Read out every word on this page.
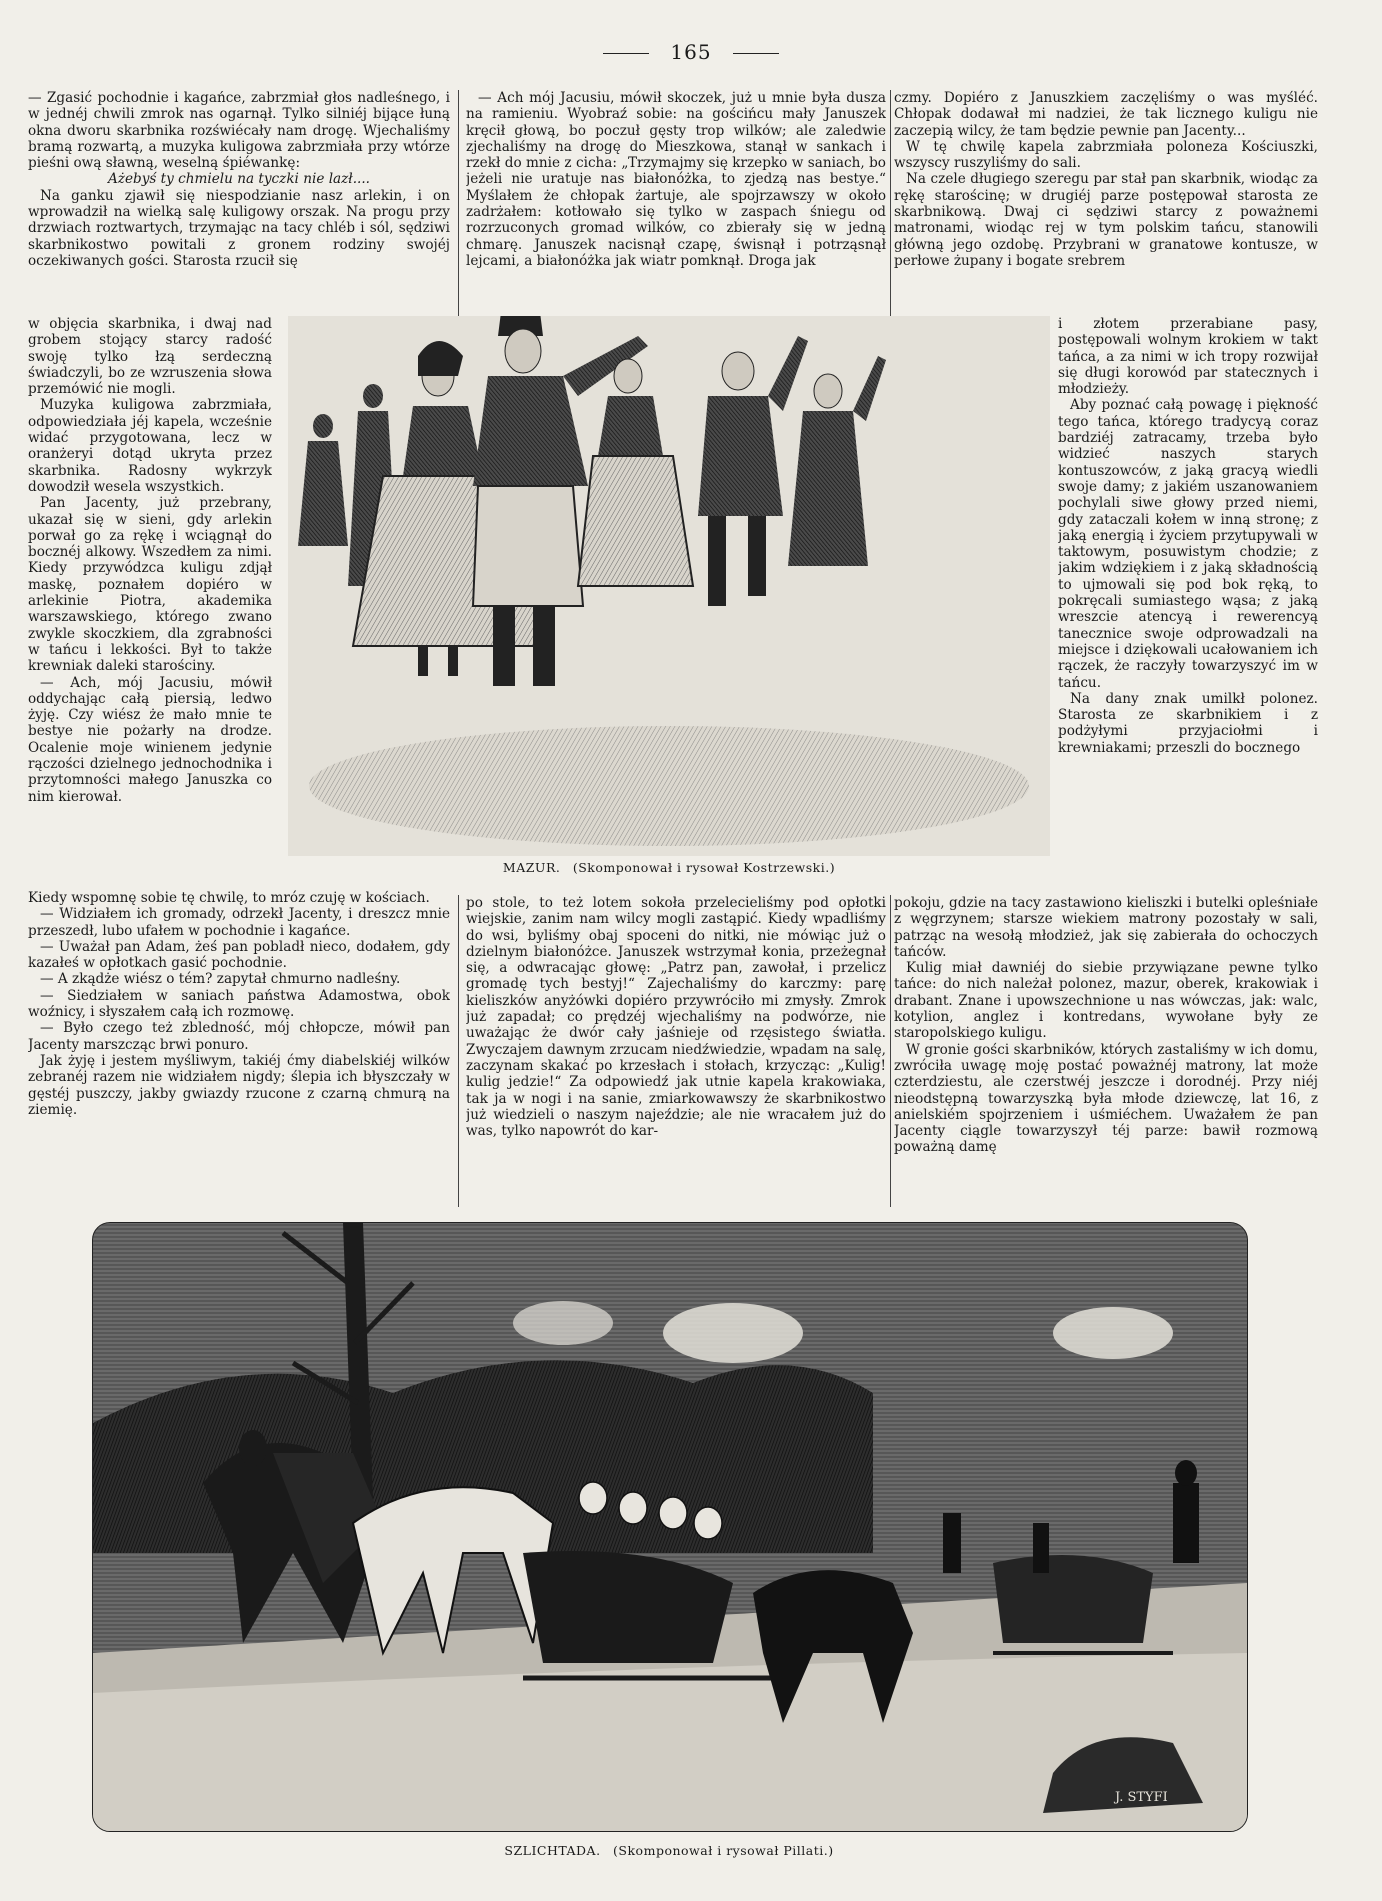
165

— Zgasić pochodnie i kagańce, zabrzmiał głos nadleśnego, i w jednéj chwili zmrok nas ogarnął. Tylko silniéj bijące łuną okna dworu skarbnika rozświécały nam drogę. Wjechaliśmy bramą rozwartą, a muzyka kuligowa zabrzmiała przy wtórze pieśni ową sławną, weselną śpiéwankę:

Ażebyś ty chmielu na tyczki nie lazł....

Na ganku zjawił się niespodzianie nasz arlekin, i on wprowadził na wielką salę kuligowy orszak. Na progu przy drzwiach roztwartych, trzymając na tacy chléb i sól, sędziwi skarbnikostwo powitali z gronem rodziny swojéj oczekiwanych gości. Starosta rzucił się

w objęcia skarbnika, i dwaj nad grobem stojący starcy radość swoję tylko łzą serdeczną świadczyli, bo ze wzruszenia słowa przemówić nie mogli.

Muzyka kuligowa zabrzmiała, odpowiedziała jéj kapela, wcześnie widać przygotowana, lecz w oranżeryi dotąd ukryta przez skarbnika. Radosny wykrzyk dowodził wesela wszystkich.

Pan Jacenty, już przebrany, ukazał się w sieni, gdy arlekin porwał go za rękę i wciągnął do bocznéj alkowy. Wszedłem za nimi. Kiedy przywódzca kuligu zdjął maskę, poznałem dopiéro w arlekinie Piotra, akademika warszawskiego, którego zwano zwykle skoczkiem, dla zgrabności w tańcu i lekkości. Był to także krewniak daleki starościny.

— Ach, mój Jacusiu, mówił oddychając całą piersią, ledwo żyję. Czy wiész że mało mnie te bestye nie pożarły na drodze. Ocalenie moje winienem jedynie rączości dzielnego jednochodnika i przytomności małego Januszka co nim kierował.

Kiedy wspomnę sobie tę chwilę, to mróz czuję w kościach.

— Widziałem ich gromady, odrzekł Jacenty, i dreszcz mnie przeszedł, lubo ufałem w pochodnie i kagańce.

— Uważał pan Adam, żeś pan pobladł nieco, dodałem, gdy kazałeś w opłotkach gasić pochodnie.

— A zkądże wiész o tém? zapytał chmurno nadleśny.

— Siedziałem w saniach państwa Adamostwa, obok woźnicy, i słyszałem całą ich rozmowę.

— Było czego też zbledność, mój chłopcze, mówił pan Jacenty marszcząc brwi ponuro.

Jak żyję i jestem myśliwym, takiéj ćmy diabelskiéj wilków zebranéj razem nie widziałem nigdy; ślepia ich błyszczały w gęstéj puszczy, jakby gwiazdy rzucone z czarną chmurą na ziemię.

— Ach mój Jacusiu, mówił skoczek, już u mnie była dusza na ramieniu. Wyobraź sobie: na gościńcu mały Januszek kręcił głową, bo poczuł gęsty trop wilków; ale zaledwie zjechaliśmy na drogę do Mieszkowa, stanął w sankach i rzekł do mnie z cicha: „Trzymajmy się krzepko w saniach, bo jeżeli nie uratuje nas białonóżka, to zjedzą nas bestye.“ Myślałem że chłopak żartuje, ale spojrzawszy w około zadrżałem: kotłowało się tylko w zaspach śniegu od rozrzuconych gromad wilków, co zbierały się w jedną chmarę. Januszek nacisnął czapę, świsnął i potrząsnął lejcami, a białonóżka jak wiatr pomknął. Droga jak

po stole, to też lotem sokoła przelecieliśmy pod opłotki wiejskie, zanim nam wilcy mogli zastąpić. Kiedy wpadliśmy do wsi, byliśmy obaj spoceni do nitki, nie mówiąc już o dzielnym białonóżce. Januszek wstrzymał konia, przeżegnał się, a odwracając głowę: „Patrz pan, zawołał, i przelicz gromadę tych bestyj!“ Zajechaliśmy do karczmy: parę kieliszków anyżówki dopiéro przywróciło mi zmysły. Zmrok już zapadał; co prędzéj wjechaliśmy na podwórze, nie uważając że dwór cały jaśnieje od rzęsistego światła. Zwyczajem dawnym zrzucam niedźwiedzie, wpadam na salę, zaczynam skakać po krzesłach i stołach, krzycząc: „Kulig! kulig jedzie!“ Za odpowiedź jak utnie kapela krakowiaka, tak ja w nogi i na sanie, zmiarkowawszy że skarbnikostwo już wiedzieli o naszym najeździe; ale nie wracałem już do was, tylko napowrót do kar-

czmy. Dopiéro z Januszkiem zaczęliśmy o was myśléć. Chłopak dodawał mi nadziei, że tak licznego kuligu nie zaczepią wilcy, że tam będzie pewnie pan Jacenty...

W tę chwilę kapela zabrzmiała poloneza Kościuszki, wszyscy ruszyliśmy do sali.

Na czele długiego szeregu par stał pan skarbnik, wiodąc za rękę starościnę; w drugiéj parze postępował starosta ze skarbnikową. Dwaj ci sędziwi starcy z poważnemi matronami, wiodąc rej w tym polskim tańcu, stanowili główną jego ozdobę. Przybrani w granatowe kontusze, w perłowe żupany i bogate srebrem

i złotem przerabiane pasy, postępowali wolnym krokiem w takt tańca, a za nimi w ich tropy rozwijał się długi korowód par statecznych i młodzieży.

Aby poznać całą powagę i piękność tego tańca, którego tradycyą coraz bardziéj zatracamy, trzeba było widzieć naszych starych kontuszowców, z jaką gracyą wiedli swoje damy; z jakiém uszanowaniem pochylali siwe głowy przed niemi, gdy zataczali kołem w inną stronę; z jaką energią i życiem przytupywali w taktowym, posuwistym chodzie; z jakim wdziękiem i z jaką składnością to ujmowali się pod bok ręką, to pokręcali sumiastego wąsa; z jaką wreszcie atencyą i rewerencyą tanecznice swoje odprowadzali na miejsce i dziękowali ucałowaniem ich rączek, że raczyły towarzyszyć im w tańcu.

Na dany znak umilkł polonez. Starosta ze skarbnikiem i z podżyłymi przyjaciołmi i krewniakami; przeszli do bocznego

pokoju, gdzie na tacy zastawiono kieliszki i butelki opleśniałe z węgrzynem; starsze wiekiem matrony pozostały w sali, patrząc na wesołą młodzież, jak się zabierała do ochoczych tańców.

Kulig miał dawniéj do siebie przywiązane pewne tylko tańce: do nich należał polonez, mazur, oberek, krakowiak i drabant. Znane i upowszechnione u nas wówczas, jak: walc, kotylion, anglez i kontredans, wywołane były ze staropolskiego kuligu.

W gronie gości skarbników, których zastaliśmy w ich domu, zwróciła uwagę moję postać poważnéj matrony, lat może czterdziestu, ale czerstwéj jeszcze i dorodnéj. Przy niéj nieodstępną towarzyszką była młode dziewczę, lat 16, z anielskiém spojrzeniem i uśmiéchem. Uważałem że pan Jacenty ciągle towarzyszył téj parze: bawił rozmową poważną damę

MAZUR. (Skomponował i rysował Kostrzewski.)
J. STYFI
SZLICHTADA. (Skomponował i rysował Pillati.)
